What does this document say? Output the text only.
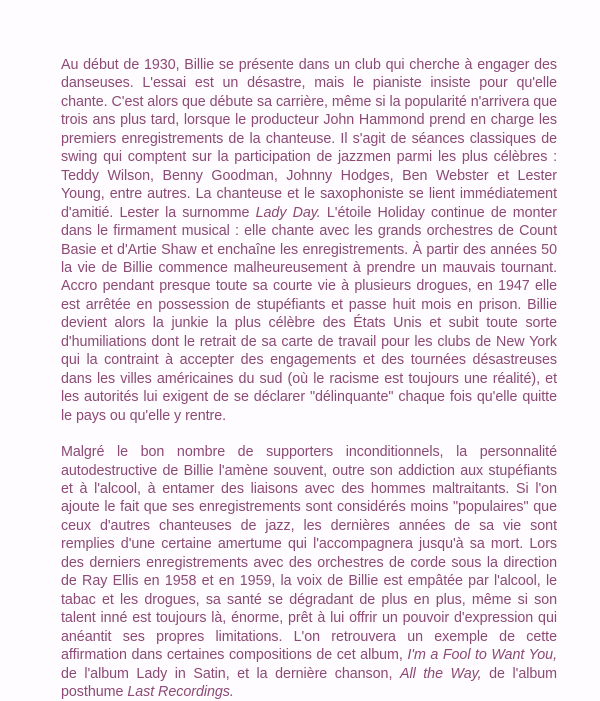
Au début de 1930, Billie se présente dans un club qui cherche à engager des danseuses. L'essai est un désastre, mais le pianiste insiste pour qu'elle chante. C'est alors que débute sa carrière, même si la popularité n'arrivera que trois ans plus tard, lorsque le producteur John Hammond prend en charge les premiers enregistrements de la chanteuse. Il s'agit de séances classiques de swing qui comptent sur la participation de jazzmen parmi les plus célèbres : Teddy Wilson, Benny Goodman, Johnny Hodges, Ben Webster et Lester Young, entre autres. La chanteuse et le saxophoniste se lient immédiatement d'amitié. Lester la surnomme Lady Day. L'étoile Holiday continue de monter dans le firmament musical : elle chante avec les grands orchestres de Count Basie et d'Artie Shaw et enchaîne les enregistrements. À partir des années 50 la vie de Billie commence malheureusement à prendre un mauvais tournant. Accro pendant presque toute sa courte vie à plusieurs drogues, en 1947 elle est arrêtée en possession de stupéfiants et passe huit mois en prison. Billie devient alors la junkie la plus célèbre des États Unis et subit toute sorte d'humiliations dont le retrait de sa carte de travail pour les clubs de New York qui la contraint à accepter des engagements et des tournées désastreuses dans les villes américaines du sud (où le racisme est toujours une réalité), et les autorités lui exigent de se déclarer "délinquante" chaque fois qu'elle quitte le pays ou qu'elle y rentre.

Malgré le bon nombre de supporters inconditionnels, la personnalité autodestructive de Billie l'amène souvent, outre son addiction aux stupéfiants et à l'alcool, à entamer des liaisons avec des hommes maltraitants. Si l'on ajoute le fait que ses enregistrements sont considérés moins "populaires" que ceux d'autres chanteuses de jazz, les dernières années de sa vie sont remplies d'une certaine amertume qui l'accompagnera jusqu'à sa mort. Lors des derniers enregistrements avec des orchestres de corde sous la direction de Ray Ellis en 1958 et en 1959, la voix de Billie est empâtée par l'alcool, le tabac et les drogues, sa santé se dégradant de plus en plus, même si son talent inné est toujours là, énorme, prêt à lui offrir un pouvoir d'expression qui anéantit ses propres limitations. L'on retrouvera un exemple de cette affirmation dans certaines compositions de cet album, I'm a Fool to Want You, de l'album Lady in Satin, et la dernière chanson, All the Way, de l'album posthume Last Recordings.
